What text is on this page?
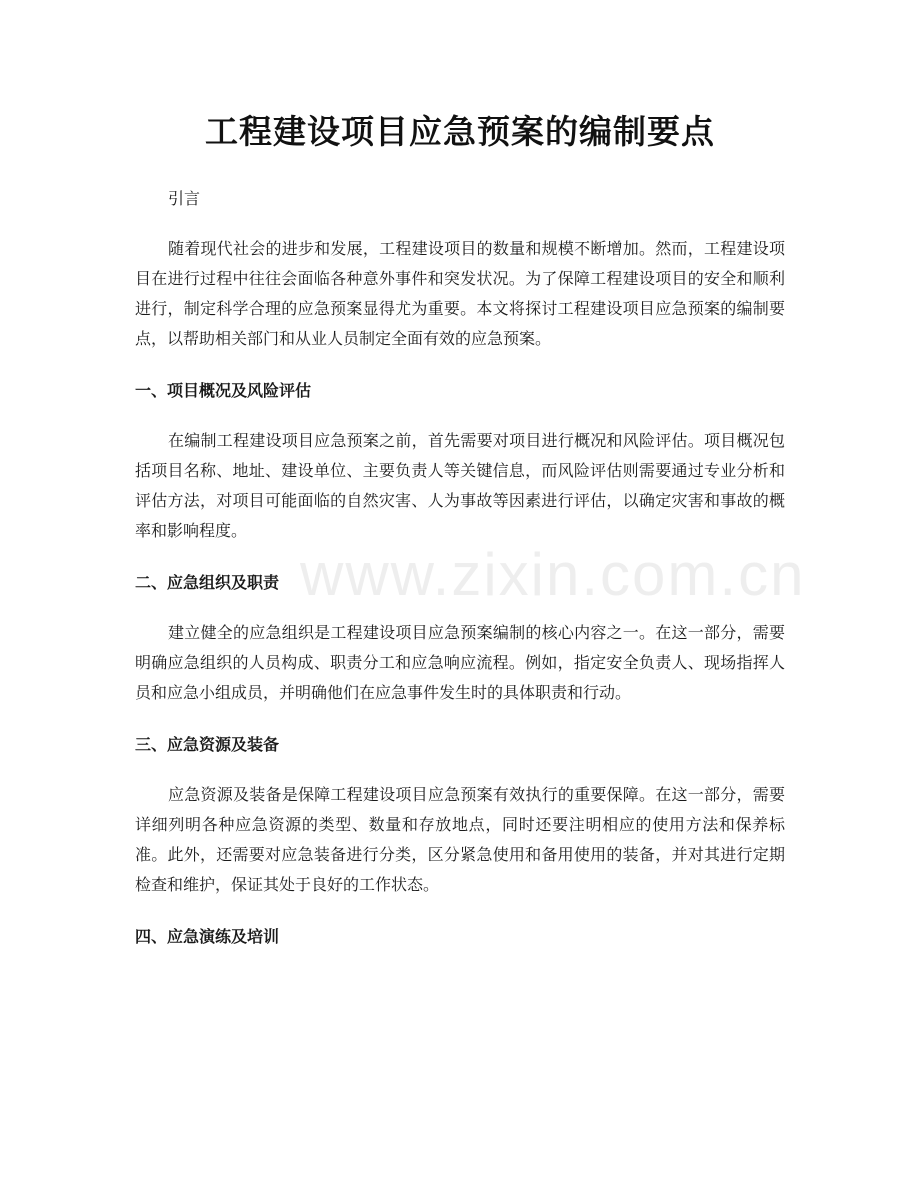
工程建设项目应急预案的编制要点
引言
随着现代社会的进步和发展，工程建设项目的数量和规模不断增加。然而，工程建设项目在进行过程中往往会面临各种意外事件和突发状况。为了保障工程建设项目的安全和顺利进行，制定科学合理的应急预案显得尤为重要。本文将探讨工程建设项目应急预案的编制要点，以帮助相关部门和从业人员制定全面有效的应急预案。
一、项目概况及风险评估
在编制工程建设项目应急预案之前，首先需要对项目进行概况和风险评估。项目概况包括项目名称、地址、建设单位、主要负责人等关键信息，而风险评估则需要通过专业分析和评估方法，对项目可能面临的自然灾害、人为事故等因素进行评估，以确定灾害和事故的概率和影响程度。
二、应急组织及职责
建立健全的应急组织是工程建设项目应急预案编制的核心内容之一。在这一部分，需要明确应急组织的人员构成、职责分工和应急响应流程。例如，指定安全负责人、现场指挥人员和应急小组成员，并明确他们在应急事件发生时的具体职责和行动。
三、应急资源及装备
应急资源及装备是保障工程建设项目应急预案有效执行的重要保障。在这一部分，需要详细列明各种应急资源的类型、数量和存放地点，同时还要注明相应的使用方法和保养标准。此外，还需要对应急装备进行分类，区分紧急使用和备用使用的装备，并对其进行定期检查和维护，保证其处于良好的工作状态。
四、应急演练及培训
www.zixin.com.cn
